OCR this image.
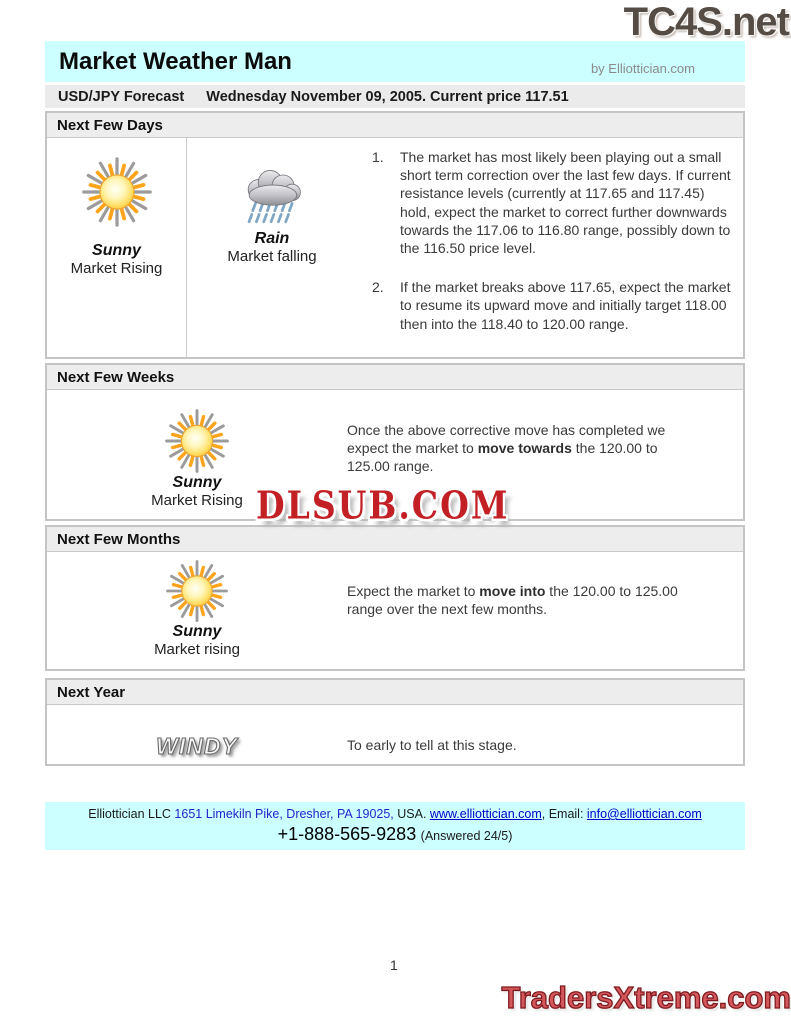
TC4S.net
Market Weather Man	by Elliottician.com
USD/JPY Forecast Wednesday November 09, 2005. Current price 117.51
Next Few Days
Sunny
Market Rising
Rain
Market falling
1.	The market has most likely been playing out a small short term correction over the last few days. If current resistance levels (currently at 117.65 and 117.45) hold, expect the market to correct further downwards towards the 117.06 to 116.80 range, possibly down to the 116.50 price level.
2.	If the market breaks above 117.65, expect the market to resume its upward move and initially target 118.00 then into the 118.40 to 120.00 range.
Next Few Weeks
Sunny
Market Rising

Once the above corrective move has completed we expect the market to move towards the 120.00 to 125.00 range.

Next Few Months
Sunny
Market rising

Expect the market to move into the 120.00 to 125.00 range over the next few months.

Next Year
WINDY	To early to tell at this stage.

DLSUB.COM
Elliottician LLC 1651 Limekiln Pike, Dresher, PA 19025, USA. www.elliottician.com, Email: info@elliottician.com
+1-888-565-9283 (Answered 24/5)
1
TradersXtreme.com
